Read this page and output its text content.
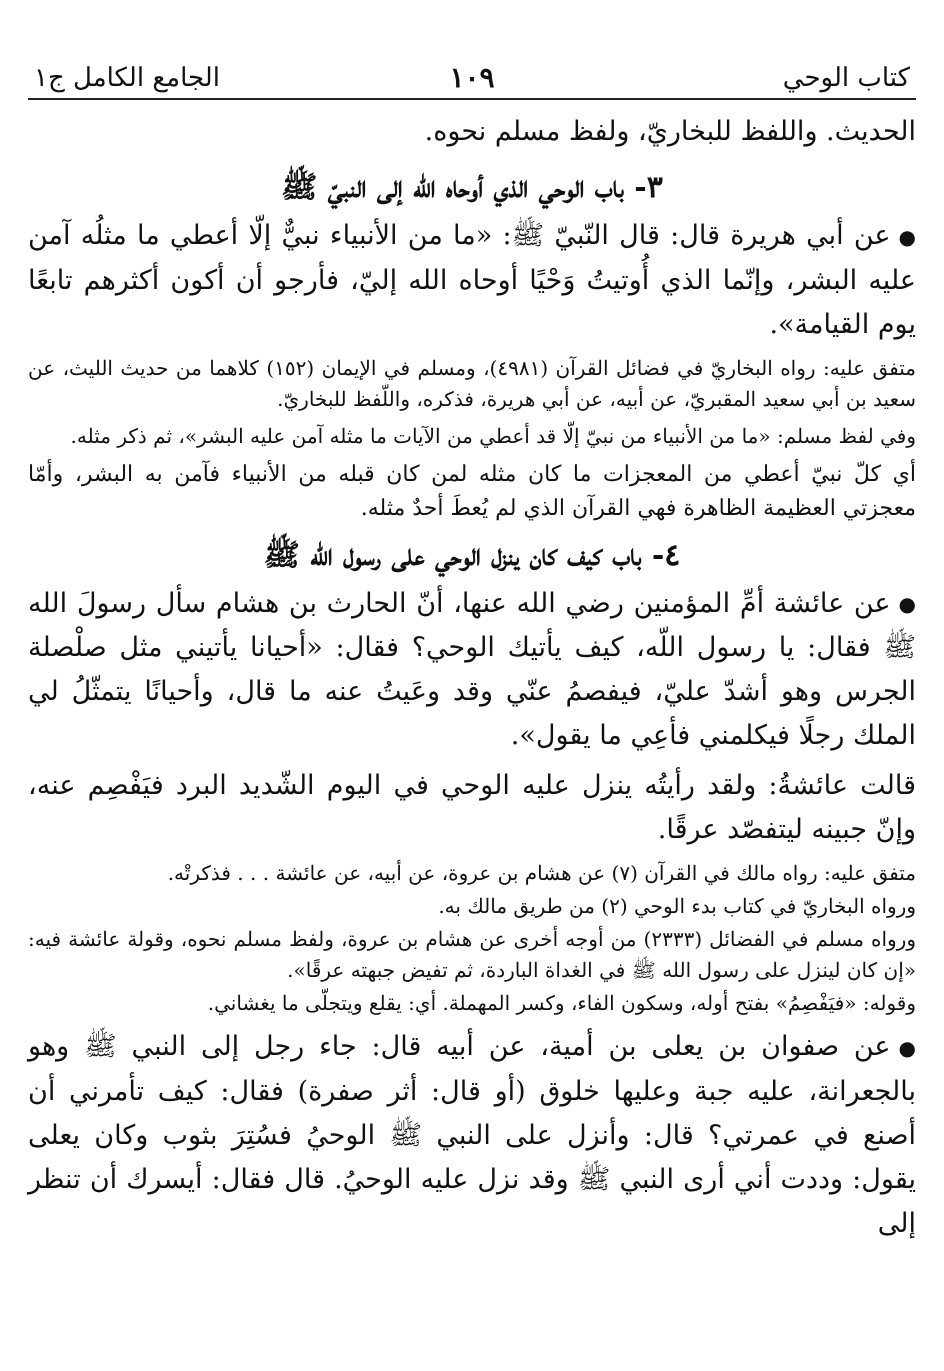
كتاب الوحي
١٠٩
الجامع الكامل ج١

الحديث. واللفظ للبخاريّ، ولفظ مسلم نحوه.

٣- باب الوحي الذي أوحاه الله إلى النبيّ ﷺ

●عن أبي هريرة قال: قال النّبيّ ﷺ: «ما من الأنبياء نبيٌّ إلّا أعطي ما مثلُه آمن عليه البشر، وإنّما الذي أُوتيتُ وَحْيًا أوحاه الله إليّ، فأرجو أن أكون أكثرهم تابعًا يوم القيامة».

متفق عليه: رواه البخاريّ في فضائل القرآن (٤٩٨١)، ومسلم في الإيمان (١٥٢) كلاهما من حديث الليث، عن سعيد بن أبي سعيد المقبريّ، عن أبيه، عن أبي هريرة، فذكره، واللّفظ للبخاريّ.

وفي لفظ مسلم: «ما من الأنبياء من نبيّ إلّا قد أعطي من الآيات ما مثله آمن عليه البشر»، ثم ذكر مثله.

أي كلّ نبيّ أعطي من المعجزات ما كان مثله لمن كان قبله من الأنبياء فآمن به البشر، وأمّا معجزتي العظيمة الظاهرة فهي القرآن الذي لم يُعطَ أحدٌ مثله.

٤- باب كيف كان ينزل الوحي على رسول الله ﷺ

●عن عائشة أمِّ المؤمنين رضي الله عنها، أنّ الحارث بن هشام سأل رسولَ الله ﷺ فقال: يا رسول اللّه، كيف يأتيك الوحي؟ فقال: «أحيانا يأتيني مثل صلْصلة الجرس وهو أشدّ عليّ، فيفصمُ عنّي وقد وعَيتُ عنه ما قال، وأحيانًا يتمثّلُ لي الملك رجلًا فيكلمني فأعِي ما يقول».

قالت عائشةُ: ولقد رأيتُه ينزل عليه الوحي في اليوم الشّديد البرد فيَفْصِم عنه، وإنّ جبينه ليتفصّد عرقًا.

متفق عليه: رواه مالك في القرآن (٧) عن هشام بن عروة، عن أبيه، عن عائشة . . . فذكرتْه.

ورواه البخاريّ في كتاب بدء الوحي (٢) من طريق مالك به.

ورواه مسلم في الفضائل (٢٣٣٣) من أوجه أخرى عن هشام بن عروة، ولفظ مسلم نحوه، وقولة عائشة فيه: «إن كان لينزل على رسول الله ﷺ في الغداة الباردة، ثم تفيض جبهته عرقًا».

وقوله: «فيَفْصِمُ» بفتح أوله، وسكون الفاء، وكسر المهملة. أي: يقلع ويتجلّى ما يغشاني.

●عن صفوان بن يعلى بن أمية، عن أبيه قال: جاء رجل إلى النبي ﷺ وهو بالجعرانة، عليه جبة وعليها خلوق (أو قال: أثر صفرة) فقال: كيف تأمرني أن أصنع في عمرتي؟ قال: وأنزل على النبي ﷺ الوحيُ فسُتِرَ بثوب وكان يعلى يقول: وددت أني أرى النبي ﷺ وقد نزل عليه الوحيُ. قال فقال: أيسرك أن تنظر إلى
